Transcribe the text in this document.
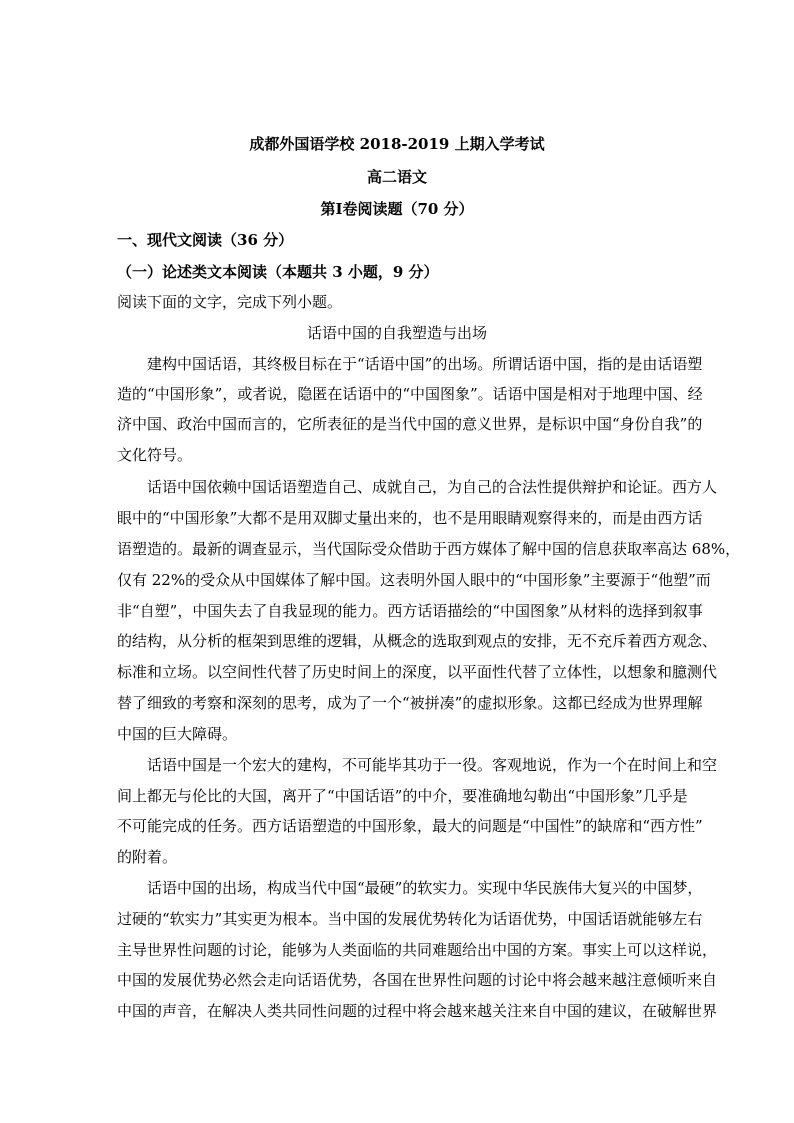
成都外国语学校 2018-2019 上期入学考试
高二语文
第Ⅰ卷阅读题（70 分）
一、现代文阅读（36 分）
（一）论述类文本阅读（本题共 3 小题，9 分）
阅读下面的文字，完成下列小题。
话语中国的自我塑造与出场
建构中国话语，其终极目标在于“话语中国”的出场。所谓话语中国，指的是由话语塑
造的“中国形象”，或者说，隐匿在话语中的“中国图象”。话语中国是相对于地理中国、经
济中国、政治中国而言的，它所表征的是当代中国的意义世界，是标识中国“身份自我”的
文化符号。
话语中国依赖中国话语塑造自己、成就自己，为自己的合法性提供辩护和论证。西方人
眼中的“中国形象”大都不是用双脚丈量出来的，也不是用眼睛观察得来的，而是由西方话
语塑造的。最新的调查显示，当代国际受众借助于西方媒体了解中国的信息获取率高达 68%，
仅有 22%的受众从中国媒体了解中国。这表明外国人眼中的“中国形象”主要源于“他塑”而
非“自塑”，中国失去了自我显现的能力。西方话语描绘的“中国图象”从材料的选择到叙事
的结构，从分析的框架到思维的逻辑，从概念的选取到观点的安排，无不充斥着西方观念、
标准和立场。以空间性代替了历史时间上的深度，以平面性代替了立体性，以想象和臆测代
替了细致的考察和深刻的思考，成为了一个“被拼凑”的虚拟形象。这都已经成为世界理解
中国的巨大障碍。
话语中国是一个宏大的建构，不可能毕其功于一役。客观地说，作为一个在时间上和空
间上都无与伦比的大国，离开了“中国话语”的中介，要准确地勾勒出“中国形象”几乎是
不可能完成的任务。西方话语塑造的中国形象，最大的问题是“中国性”的缺席和“西方性”
的附着。
话语中国的出场，构成当代中国“最硬”的软实力。实现中华民族伟大复兴的中国梦，
过硬的“软实力”其实更为根本。当中国的发展优势转化为话语优势，中国话语就能够左右
主导世界性问题的讨论，能够为人类面临的共同难题给出中国的方案。事实上可以这样说，
中国的发展优势必然会走向话语优势，各国在世界性问题的讨论中将会越来越注意倾听来自
中国的声音，在解决人类共同性问题的过程中将会越来越关注来自中国的建议，在破解世界
